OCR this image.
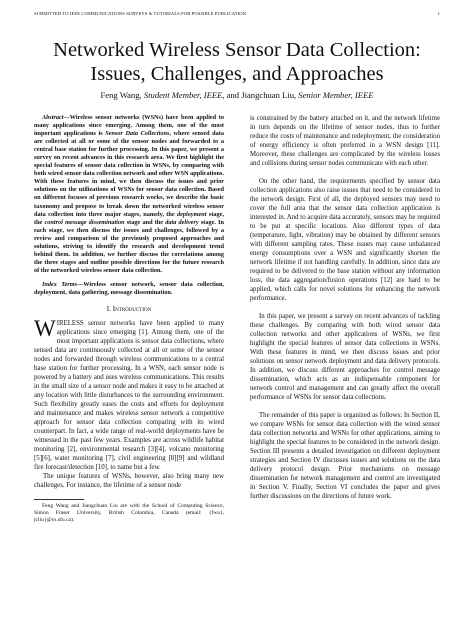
SUBMITTED TO IEEE COMMUNICATIONS SURVEYS & TUTORIALS FOR POSSIBLE PUBLICATION	1
Networked Wireless Sensor Data Collection:
Issues, Challenges, and Approaches
Feng Wang, Student Member, IEEE, and Jiangchuan Liu, Senior Member, IEEE

Abstract—Wireless sensor networks (WSNs) have been applied to many applications since emerging. Among them, one of the most important applications is Sensor Data Collections, where sensed data are collected at all or some of the sensor nodes and forwarded to a central base station for further processing. In this paper, we present a survey on recent advances in this research area. We first highlight the special features of sensor data collection in WSNs, by comparing with both wired sensor data collection network and other WSN applications. With these features in mind, we then discuss the issues and prior solutions on the utilizations of WSNs for sensor data collection. Based on different focuses of previous research works, we describe the basic taxonomy and propose to break down the networked wireless sensor data collection into three major stages, namely, the deployment stage, the control message dissemination stage and the data delivery stage. In each stage, we then discuss the issues and challenges, followed by a review and comparison of the previously proposed approaches and solutions, striving to identify the research and development trend behind them. In addition, we further discuss the correlations among the three stages and outline possible directions for the future research of the networked wireless sensor data collection.

Index Terms—Wireless sensor network, sensor data collection, deployment, data gathering, message dissemination.

I. Introduction

WIRELESS sensor networks have been applied to many applications since emerging [1]. Among them, one of the most important applications is sensor data collections, where sensed data are continuously collected at all or some of the sensor nodes and forwarded through wireless communications to a central base station for further processing. In a WSN, each sensor node is powered by a battery and uses wireless communications. This results in the small size of a sensor node and makes it easy to be attached at any location with little disturbances to the surrounding environment. Such flexibility greatly eases the costs and efforts for deployment and maintenance and makes wireless sensor network a competitive approach for sensor data collection comparing with its wired counterpart. In fact, a wide range of real-world deployments have be witnessed in the past few years. Examples are across wildlife habitat monitoring [2], environmental research [3][4], volcano monitoring [5][6], water monitoring [7], civil engineering [8][9] and wildland fire forecast/detection [10], to name but a few.

The unique features of WSNs, however, also bring many new challenges. For instance, the lifetime of a sensor node

Feng Wang and Jiangchuan Liu are with the School of Computing Science, Simon Fraser University, British Columbia, Canada (email: {fwa1, jcliu}@cs.sfu.ca).

is constrained by the battery attached on it, and the network lifetime in turn depends on the lifetime of sensor nodes, thus to further reduce the costs of maintenance and redeployment, the consideration of energy efficiency is often preferred in a WSN design [11]. Moreover, these challenges are complicated by the wireless losses and collisions during sensor nodes communicate with each other.

On the other hand, the requirements specified by sensor data collection applications also raise issues that need to be considered in the network design. First of all, the deployed sensors may need to cover the full area that the sensor data collection application is interested in. And to acquire data accurately, sensors may be required to be put at specific locations. Also different types of data (temperature, light, vibration) may be obtained by different sensors with different sampling rates. These issues may cause unbalanced energy consumptions over a WSN and significantly shorten the network lifetime if not handling carefully. In addition, since data are required to be delivered to the base station without any information loss, the data aggregation/fusion operations [12] are hard to be applied, which calls for novel solutions for enhancing the network performance.

In this paper, we present a survey on recent advances of tackling these challenges. By comparing with both wired sensor data collection networks and other applications of WSNs, we first highlight the special features of sensor data collections in WSNs. With these features in mind, we then discuss issues and prior solutions on sensor network deployment and data delivery protocols. In addition, we discuss different approaches for control message dissemination, which acts as an indispensable component for network control and management and can greatly affect the overall performance of WSNs for sensor data collections.

The remainder of this paper is organized as follows: In Section II, we compare WSNs for sensor data collection with the wired sensor data collection networks and WSNs for other applications, aiming to highlight the special features to be considered in the network design. Section III presents a detailed investigation on different deployment strategies and Section IV discusses issues and solutions on the data delivery protocol design. Prior mechanisms on message dissemination for network management and control are investigated in Section V. Finally, Section VI concludes the paper and gives further discussions on the directions of future work.
